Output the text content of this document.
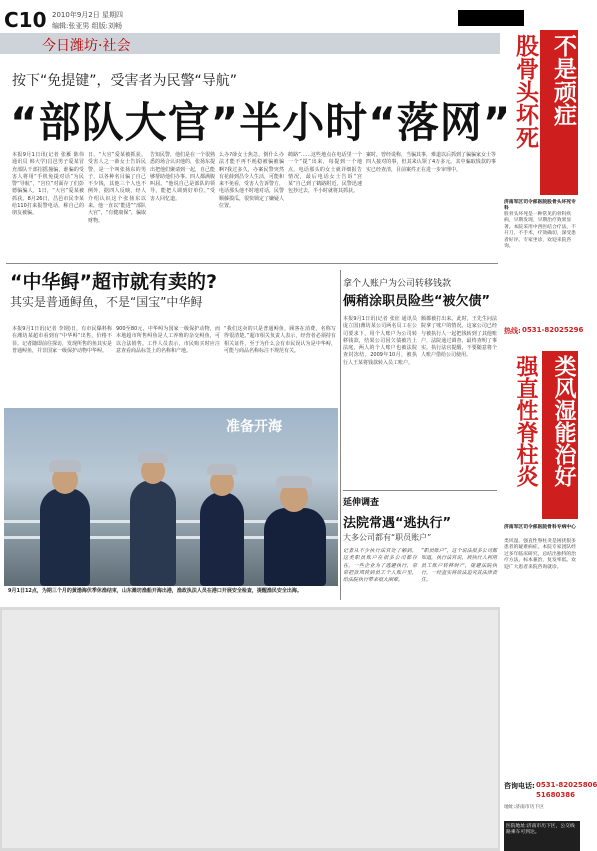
C10 2010年9月2日 星期四
编辑:张亚男 组版:刘畅
今日潍坊·社会
按下“免提键”，受害者为民警“导航”
“部队大官”半小时“落网”
本报9月1日讯(记者 张雁 陈伟 通讯员 韩大学)昌邑男子爱某冒充部队干部招摇撞骗，谁骗的受害人将用“手机免提对话”为民警“导航”，“宫位”对面存了们彭德骗骗人，1日，“大官”爱某被抓获。8月26日，昌邑市民李某给110打来报警电话，称自己的朋友被骗。
日，“大官”爱某被抓获。受害人之一薛女士告诉民警，是一个叫张扬东的男子，以各种名目骗了自己不少钱，其他三个人也不例外，据四人反映，经人介绍认识这个张扬东以来，他一直以“能进”“部队大官”，“有健康保”，骗取财物。
告知民警，他们是在一个很熟悉的场合认识他的，张扬东提出把他们聚请到一起，自己能够帮助他们办事。四人都满腹叫屈。“他说自己是部队的领导，能把人调到好单位，”受害人回忆道。
么办?薛女士焦急，倒什么办法才能不再不耗稳被骗被骗啊?我过多久，办案民警突然有花薛到昌令人生活，可能和来不免看，受害人告诉警方，电话那头他不时地对话，民警顺藤摸瓜，很快锁定了嫌疑人位置。
鹤路”……这些地点在电话里一个一个“提”出来，每提到一个地点，电话那头的女士就详细报告情况，最后电话女士告诉“宫某”自己到了鹤路附近，民警迅速包抄过去，半小时就将其抓获。
案时，曾经谎称，当骗其事，难道以后抓到了骗骗家女士等四人接对的事，但其来认领了4万多元。其中骗取钱款的事实已经查清，目前案件正在进一步审理中。
“中华鲟”超市就有卖的?
其实是普通鲟鱼，不是“国宝”中华鲟
本报9月1日讯(记者 李钢)日，有市民爆料称在潍坊某超市看到有“中华鲟”出售，价格不菲。记者随即前往探访，发现所售的鱼其实是普通鲟鱼，并非国家一级保护动物中华鲟。
900至80元，中华鲟为国家一级保护动物，而本地超市所售鲟鱼是人工养殖的杂交鲟鱼，可以合法销售。工作人员表示，市民购买时应注意查看商品标签上的名称和产地。
“我们这卖的只是普通鲟鱼，顾客在消费，名称写得很清楚。”超市相关负责人表示，经营者必须持有相关证件，至于为什么会有市民误认为是中华鲟，可能与商品名称标注不规范有关。
拿个人账户为公司转移钱款
俩稍涂职员险些“被欠债”
本报9月1日讯(记者 张征 通讯员 庞立国)潍坊某公司两名员工在公司要求下，用个人账户为公司转移钱款，结果公司因欠债被告上法庭，两人的个人账户也被法院查封冻结。2009年10月，被执行人王某将钱款转入员工账户。
额都被打出来。此时，王先生问法院拿了账户的情况，这家公司已经与被执行人一起把钱转到了其他账户，法院通过调查，最终查明了事实。执行法官提醒，不要随意将个人账户借给公司使用。
延伸调查
法院常遇“逃执行”
大多公司都有“职员账户”
记者从不少执行法官处了解到，这类职员账户在很多公司都存在，一些企业为了逃避执行，常常把款项转到员工个人账户里，给法院执行带来很大困难。
“职员账户”，这个说法很多公司都知道，执行法官说，被执行人利用员工账户转移财产，规避法院执行，一经查实将依法追究其法律责任。
准备开海
9月1日12点，为期三个月的黄渤海伏季休渔结束，山东潍坊渔船开海出港，渔政执法人员在港口开展安全检查，提醒渔民安全出海。
股骨头坏死 不是顽症
济南军区司令部医院股骨头坏死专科
股骨头坏死是一种常见的骨科疾病，早期发现、早期治疗效果显著。本院采用中西医结合疗法，不开刀、不手术，疗效确切，深受患者好评。专家坐诊，欢迎来院咨询。
热线: 0531-82025296
强直性脊柱炎 类风湿能治好
济南军区司令部医院骨科专病中心
类风湿、强直性脊柱炎是困扰很多患者的疑难病症。本院专家团队经过多年临床研究，总结出独特的治疗方法，标本兼治，复发率低。欢迎广大患者来院咨询就诊。
咨询电话: 0531-82025806
51680386
地址:济南市历下区
医院地址:济南市历下区，公交线路乘车可到达。
